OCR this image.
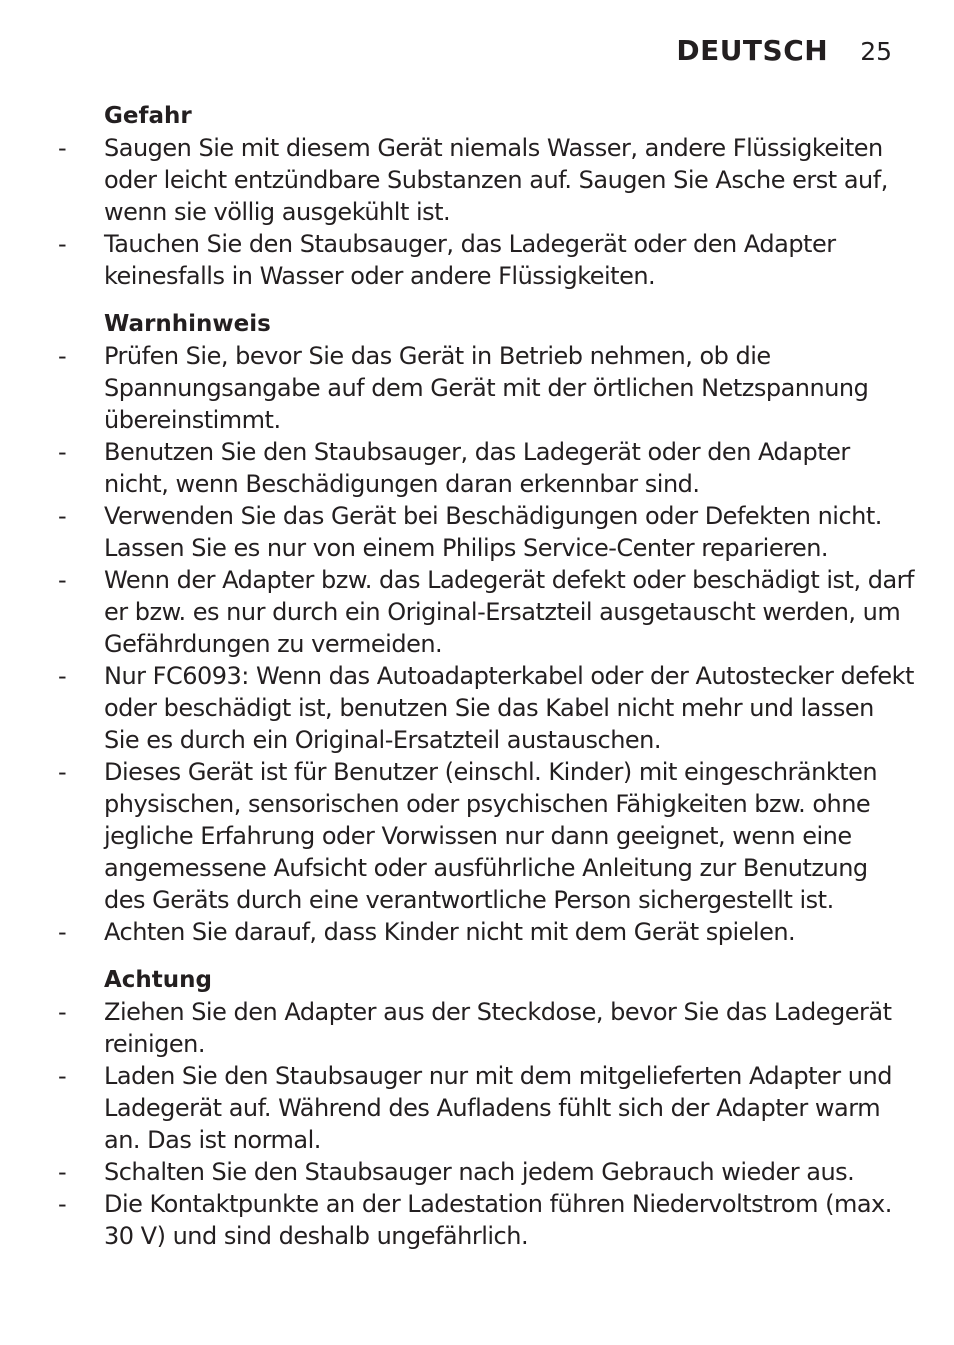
DEUTSCH 25
Gefahr
- Saugen Sie mit diesem Gerät niemals Wasser, andere Flüssigkeiten oder leicht entzündbare Substanzen auf. Saugen Sie Asche erst auf, wenn sie völlig ausgekühlt ist.
- Tauchen Sie den Staubsauger, das Ladegerät oder den Adapter keinesfalls in Wasser oder andere Flüssigkeiten.
Warnhinweis
- Prüfen Sie, bevor Sie das Gerät in Betrieb nehmen, ob die Spannungsangabe auf dem Gerät mit der örtlichen Netzspannung übereinstimmt.
- Benutzen Sie den Staubsauger, das Ladegerät oder den Adapter nicht, wenn Beschädigungen daran erkennbar sind.
- Verwenden Sie das Gerät bei Beschädigungen oder Defekten nicht. Lassen Sie es nur von einem Philips Service-Center reparieren.
- Wenn der Adapter bzw. das Ladegerät defekt oder beschädigt ist, darf er bzw. es nur durch ein Original-Ersatzteil ausgetauscht werden, um Gefährdungen zu vermeiden.
- Nur FC6093: Wenn das Autoadapterkabel oder der Autostecker defekt oder beschädigt ist, benutzen Sie das Kabel nicht mehr und lassen Sie es durch ein Original-Ersatzteil austauschen.
- Dieses Gerät ist für Benutzer (einschl. Kinder) mit eingeschränkten physischen, sensorischen oder psychischen Fähigkeiten bzw. ohne jegliche Erfahrung oder Vorwissen nur dann geeignet, wenn eine angemessene Aufsicht oder ausführliche Anleitung zur Benutzung des Geräts durch eine verantwortliche Person sichergestellt ist.
- Achten Sie darauf, dass Kinder nicht mit dem Gerät spielen.
Achtung
- Ziehen Sie den Adapter aus der Steckdose, bevor Sie das Ladegerät reinigen.
- Laden Sie den Staubsauger nur mit dem mitgelieferten Adapter und Ladegerät auf. Während des Aufladens fühlt sich der Adapter warm an. Das ist normal.
- Schalten Sie den Staubsauger nach jedem Gebrauch wieder aus.
- Die Kontaktpunkte an der Ladestation führen Niedervoltstrom (max. 30 V) und sind deshalb ungefährlich.
